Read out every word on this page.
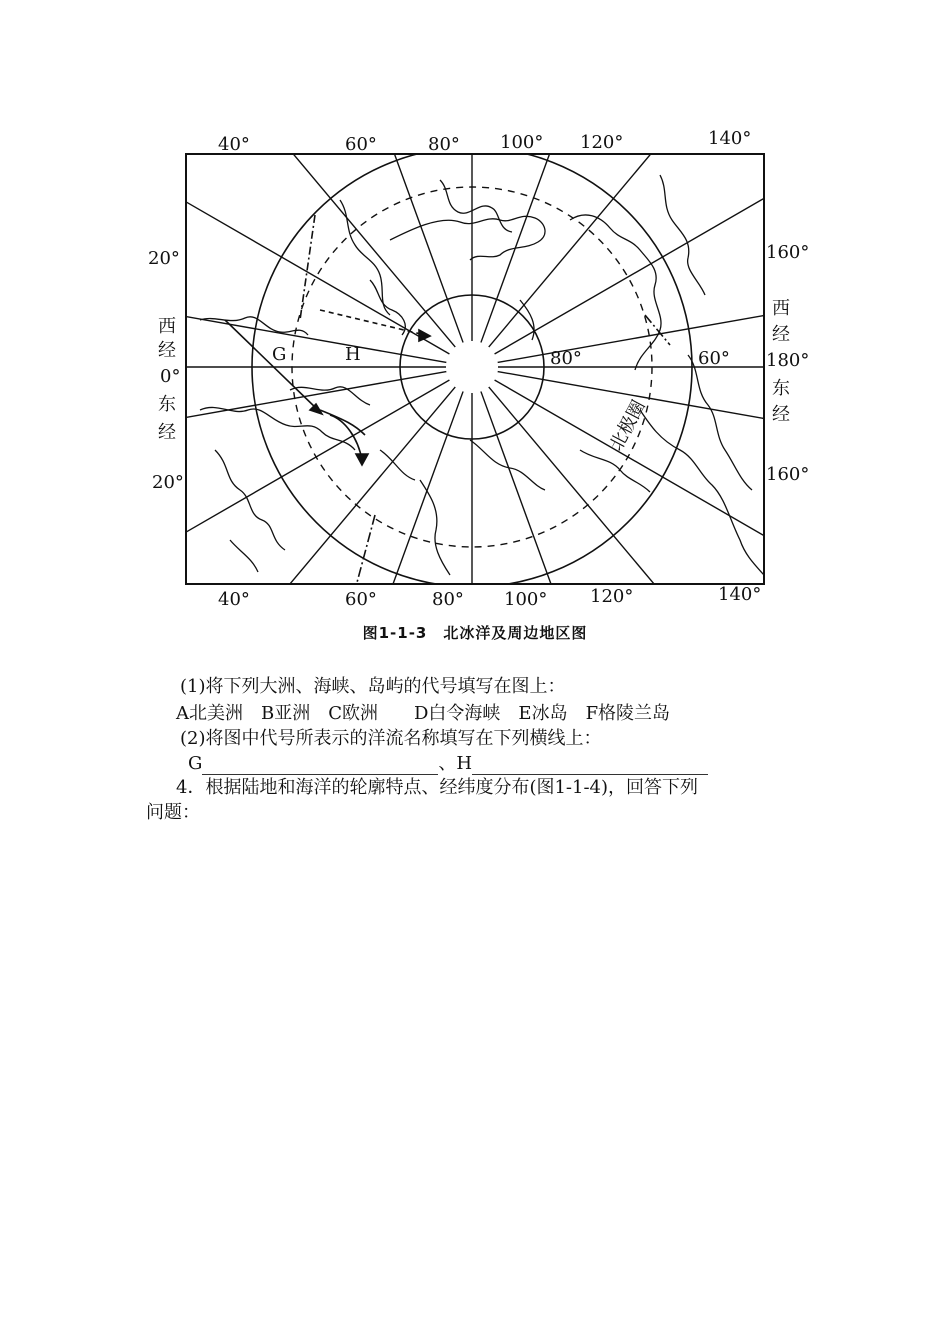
40°	60°	80° 100° 120°	140°
40°	60°	80° 100° 120°	140°
20°
西
经
0°
东
经
20°
160°
西
经
180°
东
经
160°
G	H	80°	60°
北极圈
图1-1-3　北冰洋及周边地区图
(1)将下列大洲、海峡、岛屿的代号填写在图上：
A北美洲　B亚洲　C欧洲　　D白令海峡　E冰岛　F格陵兰岛
(2)将图中代号所表示的洋流名称填写在下列横线上：
G	、H
4．根据陆地和海洋的轮廓特点、经纬度分布(图1-1-4)，回答下列
问题：
